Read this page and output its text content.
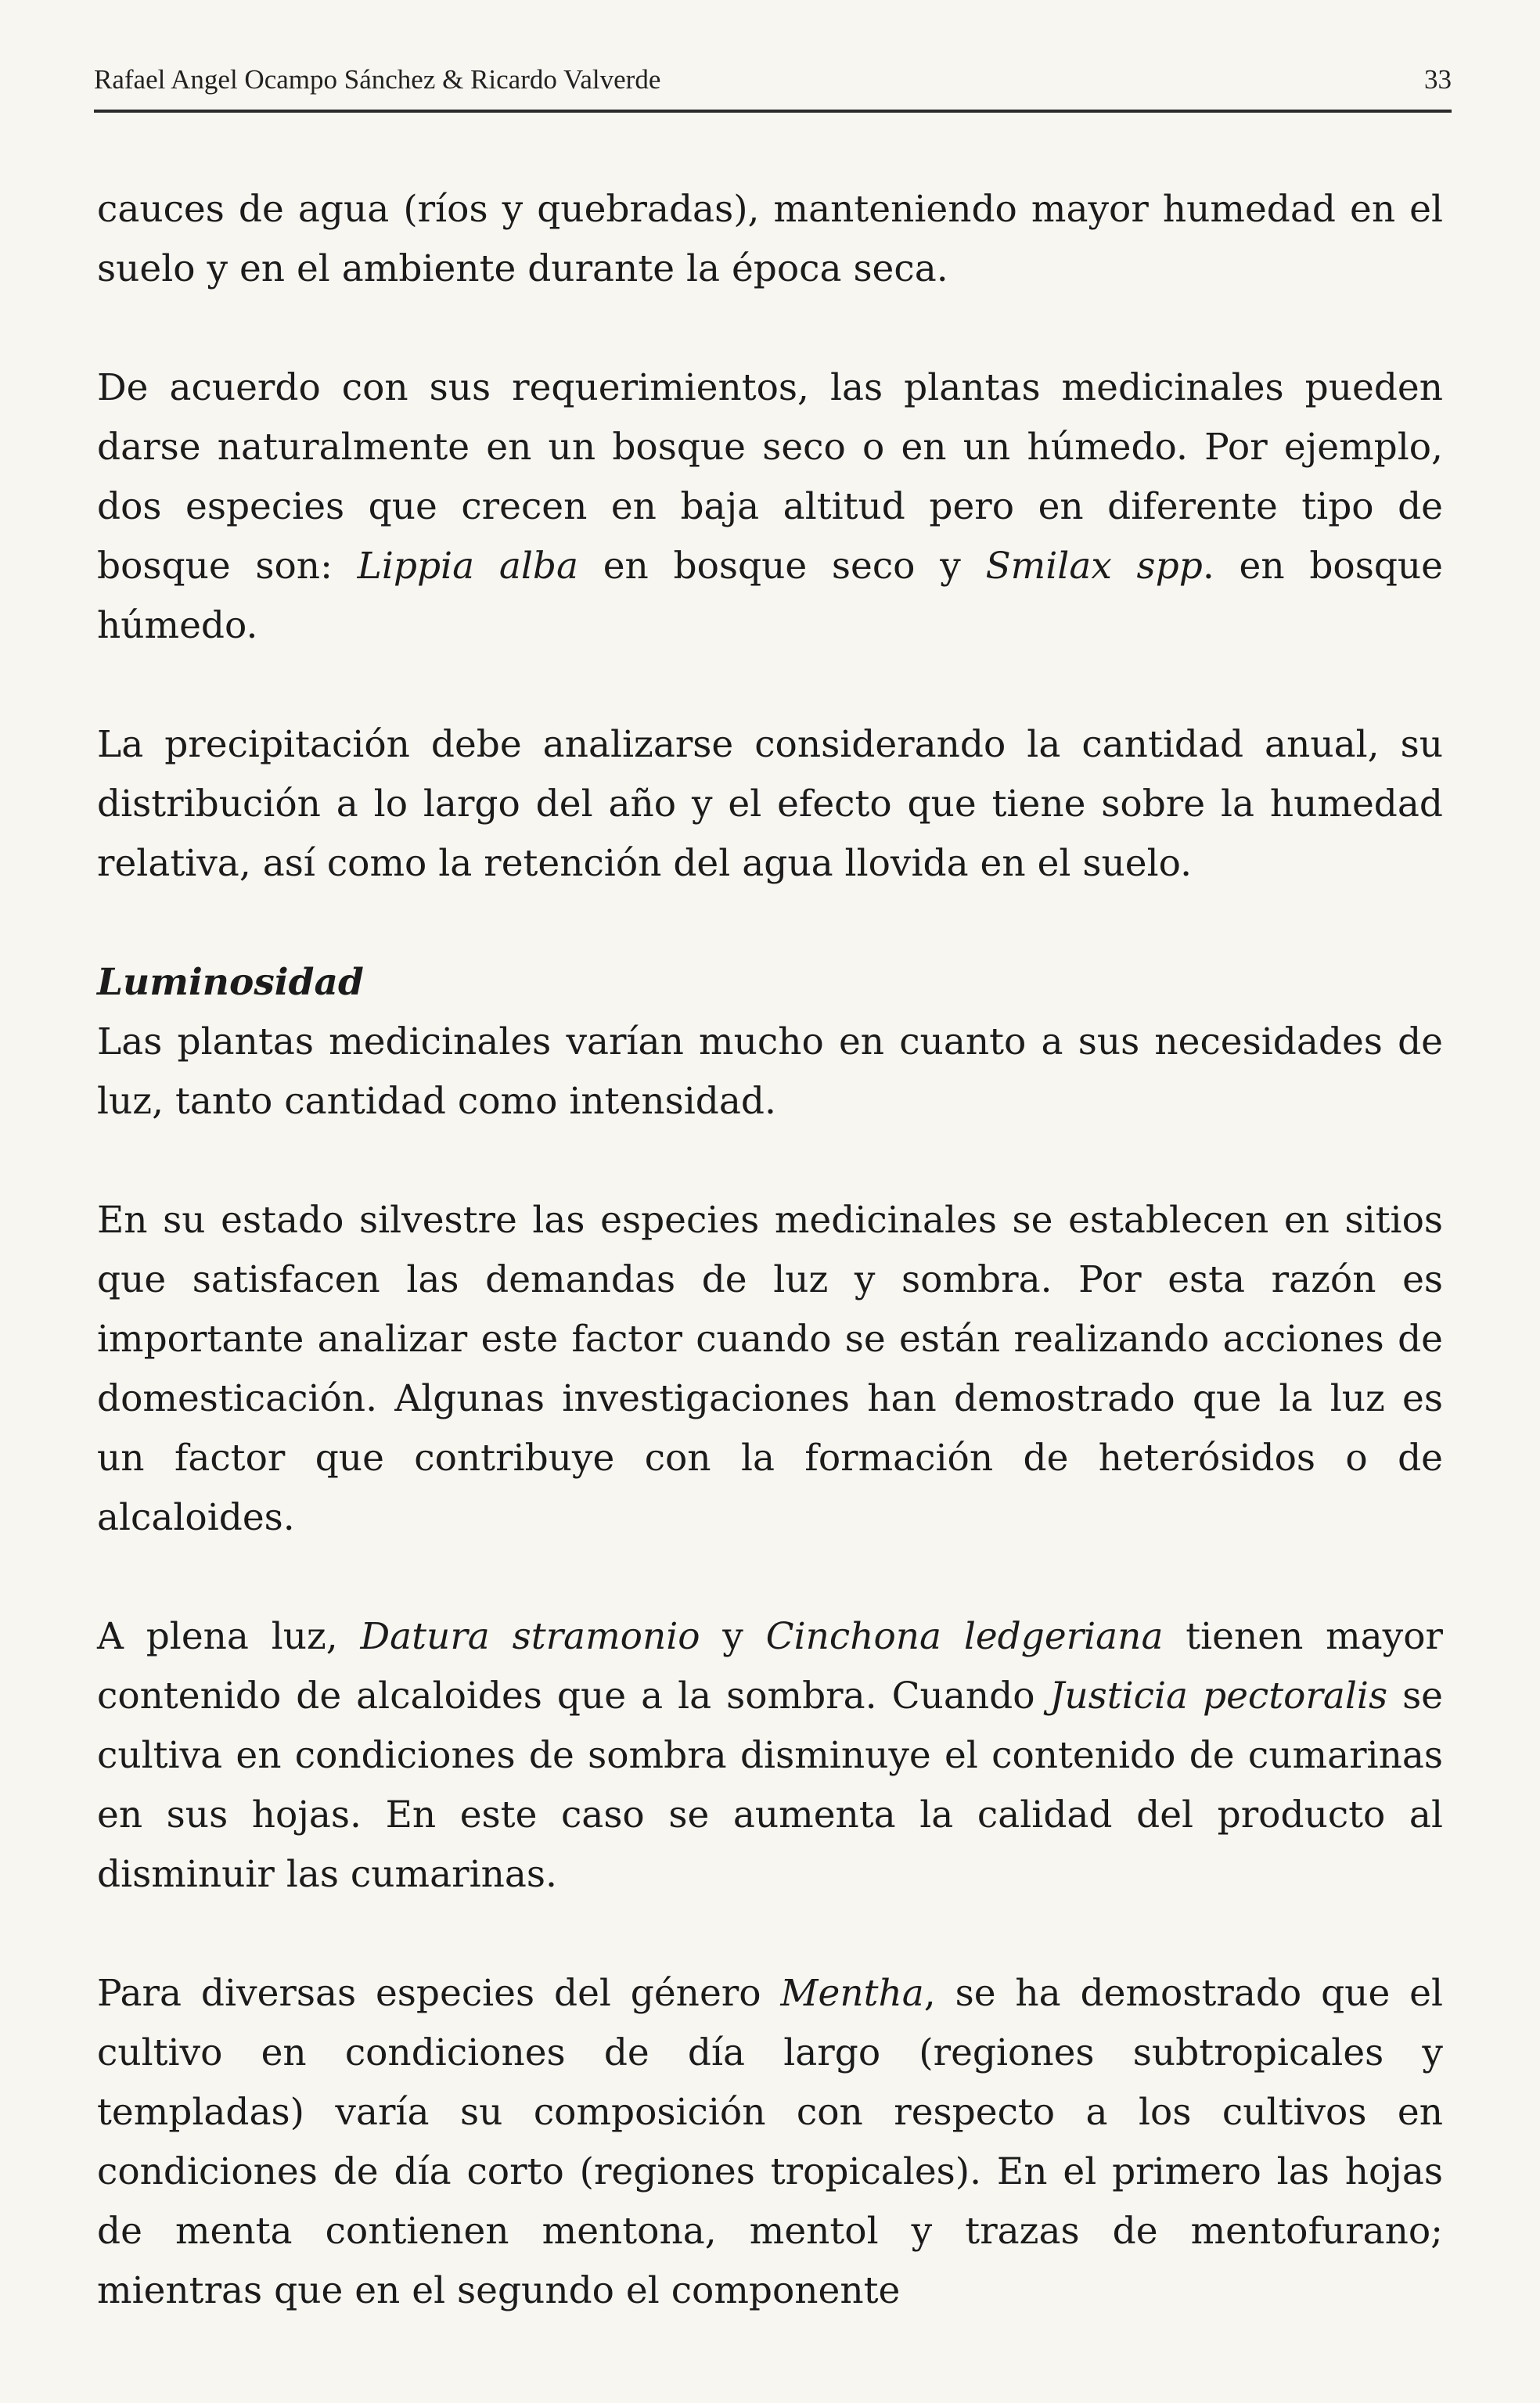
Rafael Angel Ocampo Sánchez & Ricardo Valverde	33

cauces de agua (ríos y quebradas), manteniendo mayor humedad en el suelo y en el ambiente durante la época seca.

De acuerdo con sus requerimientos, las plantas medicinales pueden darse naturalmente en un bosque seco o en un húmedo. Por ejemplo, dos especies que crecen en baja altitud pero en diferente tipo de bosque son: Lippia alba en bosque seco y Smilax spp. en bosque húmedo.

La precipitación debe analizarse considerando la cantidad anual, su distribución a lo largo del año y el efecto que tiene sobre la humedad relativa, así como la retención del agua llovida en el suelo.

Luminosidad

Las plantas medicinales varían mucho en cuanto a sus necesidades de luz, tanto cantidad como intensidad.

En su estado silvestre las especies medicinales se establecen en sitios que satisfacen las demandas de luz y sombra. Por esta razón es importante analizar este factor cuando se están realizando acciones de domesticación. Algunas investigaciones han demostrado que la luz es un factor que contribuye con la formación de heterósidos o de alcaloides.

A plena luz, Datura stramonio y Cinchona ledgeriana tienen mayor contenido de alcaloides que a la sombra. Cuando Justicia pectoralis se cultiva en condiciones de sombra disminuye el contenido de cumarinas en sus hojas. En este caso se aumenta la calidad del producto al disminuir las cumarinas.

Para diversas especies del género Mentha, se ha demostrado que el cultivo en condiciones de día largo (regiones subtropicales y templadas) varía su composición con respecto a los cultivos en condiciones de día corto (regiones tropicales). En el primero las hojas de menta contienen mentona, mentol y trazas de mentofurano; mientras que en el segundo el componente
